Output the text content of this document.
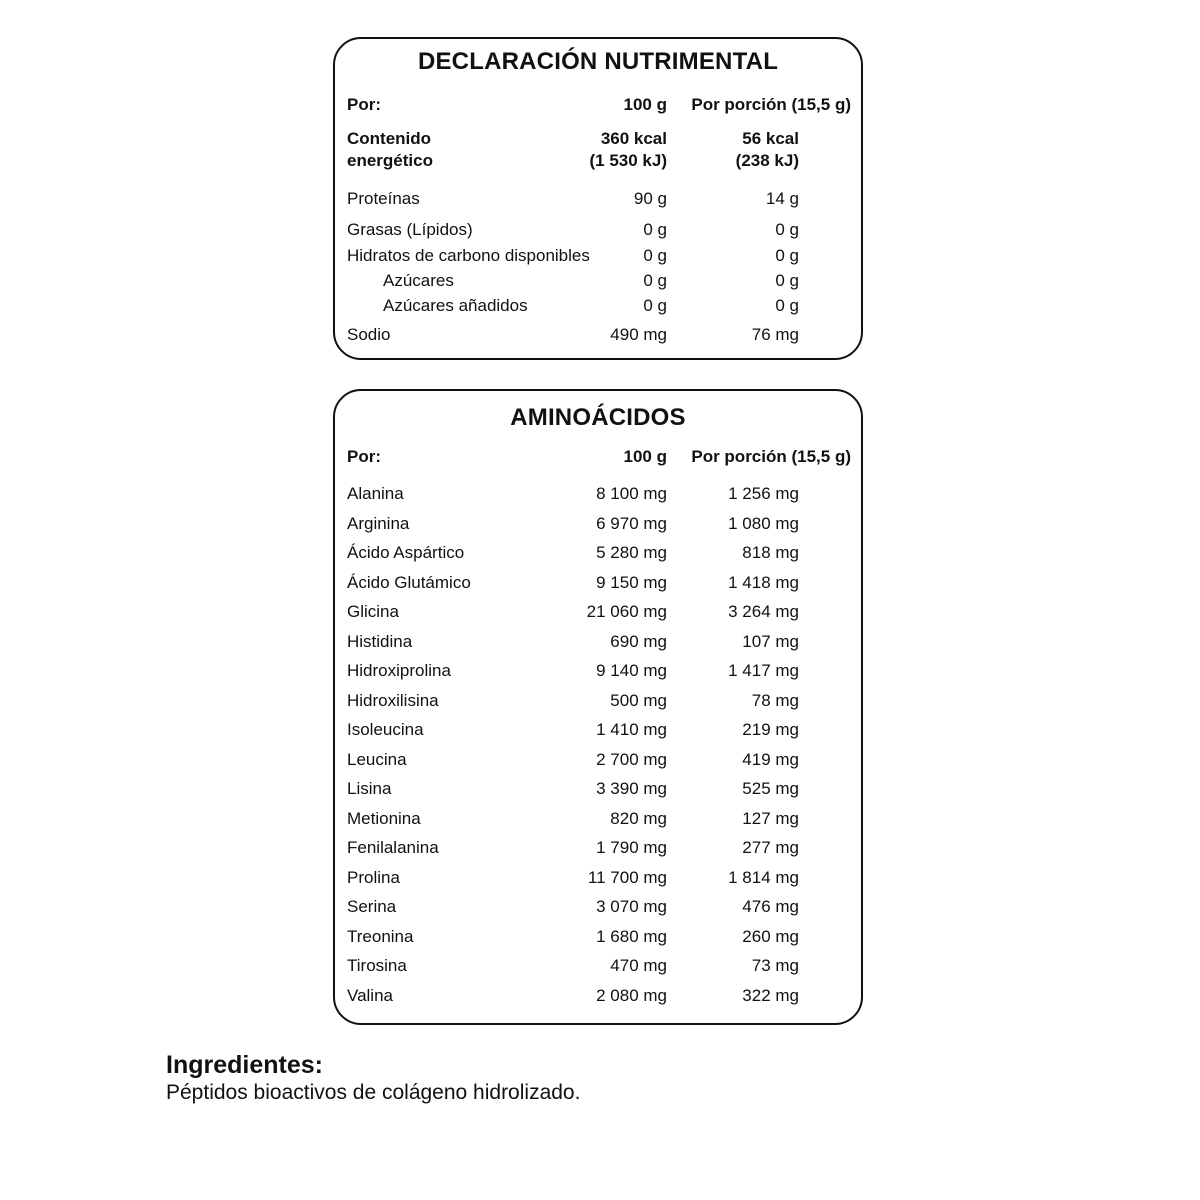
DECLARACIÓN NUTRIMENTAL
Por:	100 g Por porción (15,5 g)
Contenido	360 kcal	56 kcal
energético	(1 530 kJ)	(238 kJ)
Proteínas	90 g	14 g
Grasas (Lípidos)	0 g	0 g
Hidratos de carbono disponibles	0 g	0 g
Azúcares	0 g	0 g
Azúcares añadidos	0 g	0 g
Sodio	490 mg	76 mg
AMINOÁCIDOS
Por:	100 g Por porción (15,5 g)
Alanina	8 100 mg	1 256 mg
Arginina	6 970 mg	1 080 mg
Ácido Aspártico	5 280 mg	818 mg
Ácido Glutámico	9 150 mg	1 418 mg
Glicina	21 060 mg	3 264 mg
Histidina	690 mg	107 mg
Hidroxiprolina	9 140 mg	1 417 mg
Hidroxilisina	500 mg	78 mg
Isoleucina	1 410 mg	219 mg
Leucina	2 700 mg	419 mg
Lisina	3 390 mg	525 mg
Metionina	820 mg	127 mg
Fenilalanina	1 790 mg	277 mg
Prolina	11 700 mg	1 814 mg
Serina	3 070 mg	476 mg
Treonina	1 680 mg	260 mg
Tirosina	470 mg	73 mg
Valina	2 080 mg	322 mg
Ingredientes:
Péptidos bioactivos de colágeno hidrolizado.
